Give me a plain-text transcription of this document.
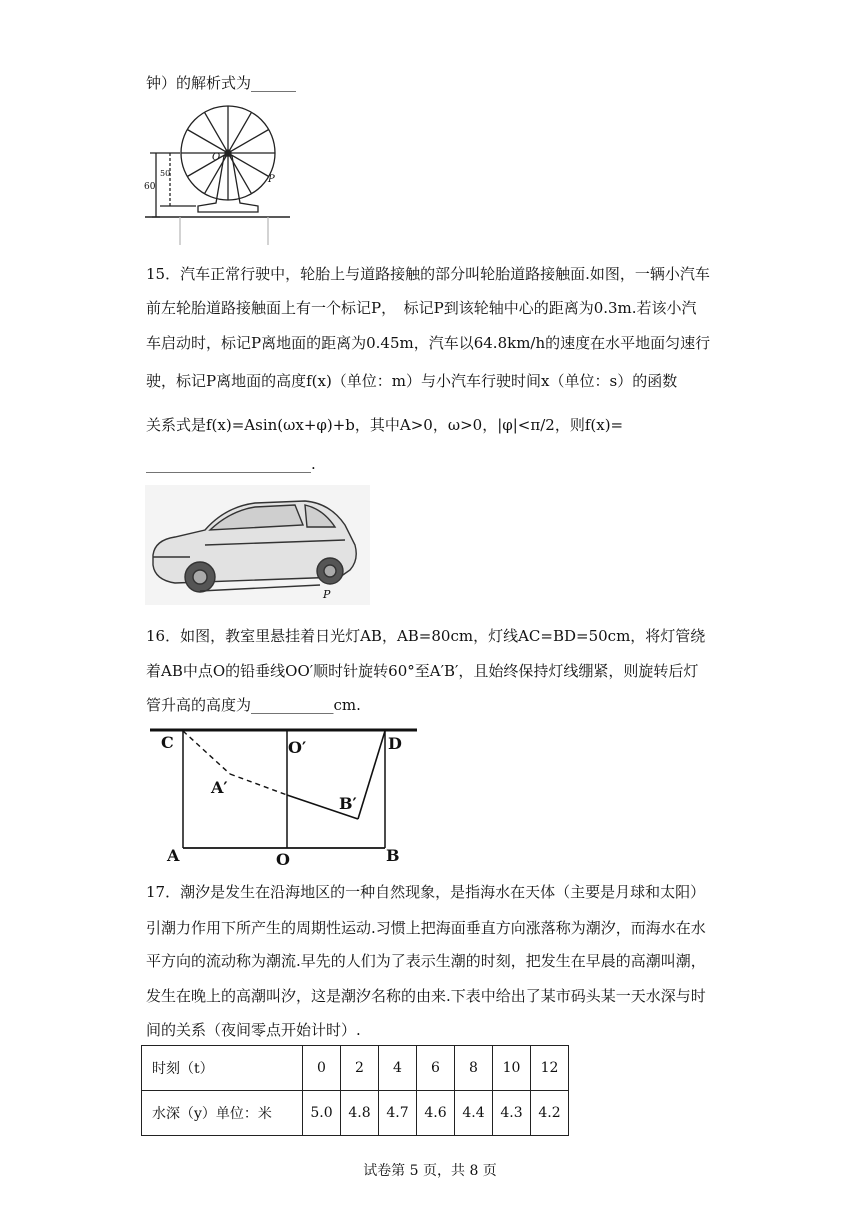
钟）的解析式为______
O
P
60
50
15．汽车正常行驶中，轮胎上与道路接触的部分叫轮胎道路接触面.如图，一辆小汽车
前左轮胎道路接触面上有一个标记P，　标记P到该轮轴中心的距离为0.3m.若该小汽
车启动时，标记P离地面的距离为0.45m，汽车以64.8km/h的速度在水平地面匀速行
驶，标记P离地面的高度f(x)（单位：m）与小汽车行驶时间x（单位：s）的函数
关系式是f(x)=Asin(ωx+φ)+b，其中A>0，ω>0，|φ|<π/2，则f(x)=
______________________.
P
16．如图，教室里悬挂着日光灯AB，AB=80cm，灯线AC=BD=50cm，将灯管绕
着AB中点O的铅垂线OO′顺时针旋转60°至A′B′，且始终保持灯线绷紧，则旋转后灯
管升高的高度为___________cm.
C	D
O′
A′
B′
A	O	B
17．潮汐是发生在沿海地区的一种自然现象，是指海水在天体（主要是月球和太阳）
引潮力作用下所产生的周期性运动.习惯上把海面垂直方向涨落称为潮汐，而海水在水
平方向的流动称为潮流.早先的人们为了表示生潮的时刻，把发生在早晨的高潮叫潮，
发生在晚上的高潮叫汐，这是潮汐名称的由来.下表中给出了某市码头某一天水深与时
间的关系（夜间零点开始计时）.
时刻（t）	0	2	4	6	8	10	12
水深（y）单位：米	5.0	4.8	4.7	4.6	4.4	4.3	4.2
试卷第 5 页，共 8 页
